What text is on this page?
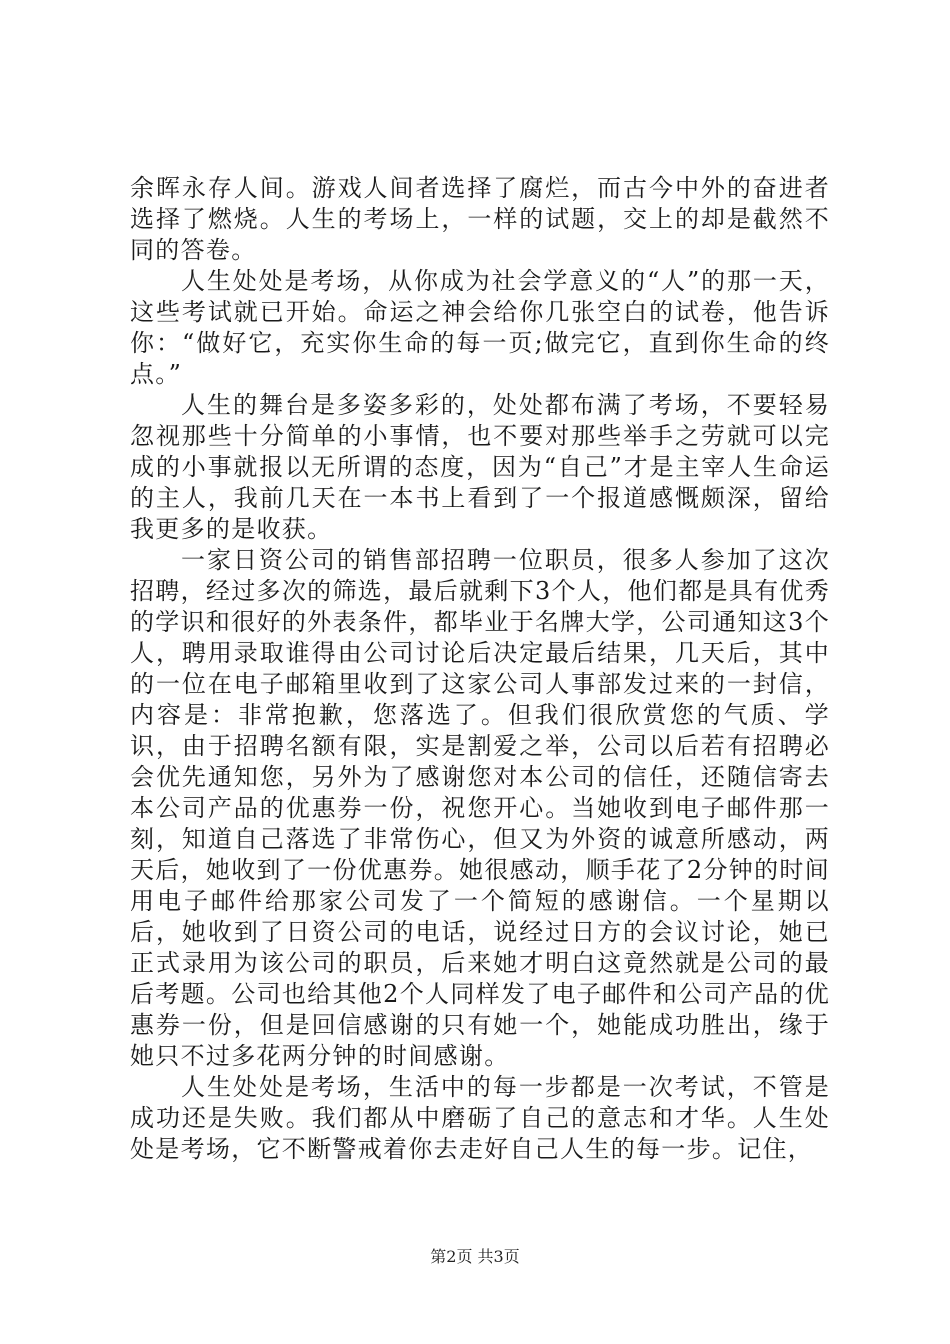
余晖永存人间。游戏人间者选择了腐烂，而古今中外的奋进者选择了燃烧。人生的考场上，一样的试题，交上的却是截然不同的答卷。

人生处处是考场，从你成为社会学意义的“人”的那一天，这些考试就已开始。命运之神会给你几张空白的试卷，他告诉你：“做好它，充实你生命的每一页;做完它，直到你生命的终点。”

人生的舞台是多姿多彩的，处处都布满了考场，不要轻易忽视那些十分简单的小事情，也不要对那些举手之劳就可以完成的小事就报以无所谓的态度，因为“自己”才是主宰人生命运的主人，我前几天在一本书上看到了一个报道感慨颇深，留给我更多的是收获。

一家日资公司的销售部招聘一位职员，很多人参加了这次招聘，经过多次的筛选，最后就剩下3个人，他们都是具有优秀的学识和很好的外表条件，都毕业于名牌大学，公司通知这3个人，聘用录取谁得由公司讨论后决定最后结果，几天后，其中的一位在电子邮箱里收到了这家公司人事部发过来的一封信，内容是：非常抱歉，您落选了。但我们很欣赏您的气质、学识，由于招聘名额有限，实是割爱之举，公司以后若有招聘必会优先通知您，另外为了感谢您对本公司的信任，还随信寄去本公司产品的优惠券一份，祝您开心。当她收到电子邮件那一刻，知道自己落选了非常伤心，但又为外资的诚意所感动，两天后，她收到了一份优惠券。她很感动，顺手花了2分钟的时间用电子邮件给那家公司发了一个简短的感谢信。一个星期以后，她收到了日资公司的电话，说经过日方的会议讨论，她已正式录用为该公司的职员，后来她才明白这竟然就是公司的最后考题。公司也给其他2个人同样发了电子邮件和公司产品的优惠券一份，但是回信感谢的只有她一个，她能成功胜出，缘于她只不过多花两分钟的时间感谢。

人生处处是考场，生活中的每一步都是一次考试，不管是成功还是失败。我们都从中磨砺了自己的意志和才华。人生处处是考场，它不断警戒着你去走好自己人生的每一步。记住，

第2页 共3页
